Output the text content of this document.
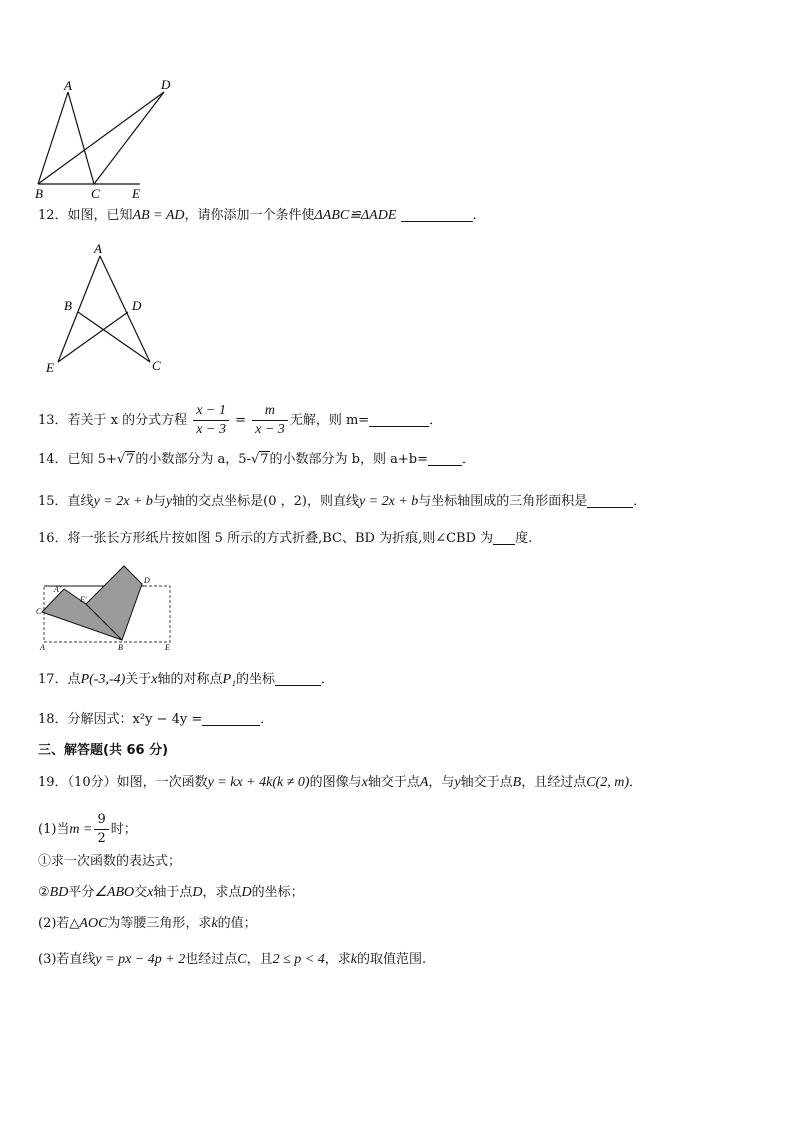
A	D
B	C E
12．如图，已知AB = AD，请你添加一个条件使ΔABC≌ΔADE	．
A
B	D
E	C
13．若关于 x 的分式方程 $\frac{x - 1}{x - 3} = \frac{m}{x - 3}$ 无解，则 m=	．
14．已知 5+√7的小数部分为 a，5-√7的小数部分为 b，则 a+b=	．
15．直线y = 2x + b与y轴的交点坐标是(0 ，2)，则直线y = 2x + b与坐标轴围成的三角形面积是	．
16．将一张长方形纸片按如图 5 所示的方式折叠,BC、BD 为折痕,则∠CBD 为 度.
A'
E'
C
D
A	B	E
17．点P(-3,-4)关于x轴的对称点P₁的坐标	．
18．分解因式：x²y − 4y =	．
三、解答题(共 66 分)
19．（10分）如图，一次函数y = kx + 4k(k ≠ 0)的图像与x轴交于点A，与y轴交于点B，且经过点C(2, m)．
(1)当$m = \frac{9}{2}$ 时；
①求一次函数的表达式；
②BD平分∠ABO交x轴于点D，求点D的坐标；
(2)若△AOC为等腰三角形，求k的值；
(3)若直线y = px − 4p + 2也经过点C，且2 ≤ p < 4，求k的取值范围.
